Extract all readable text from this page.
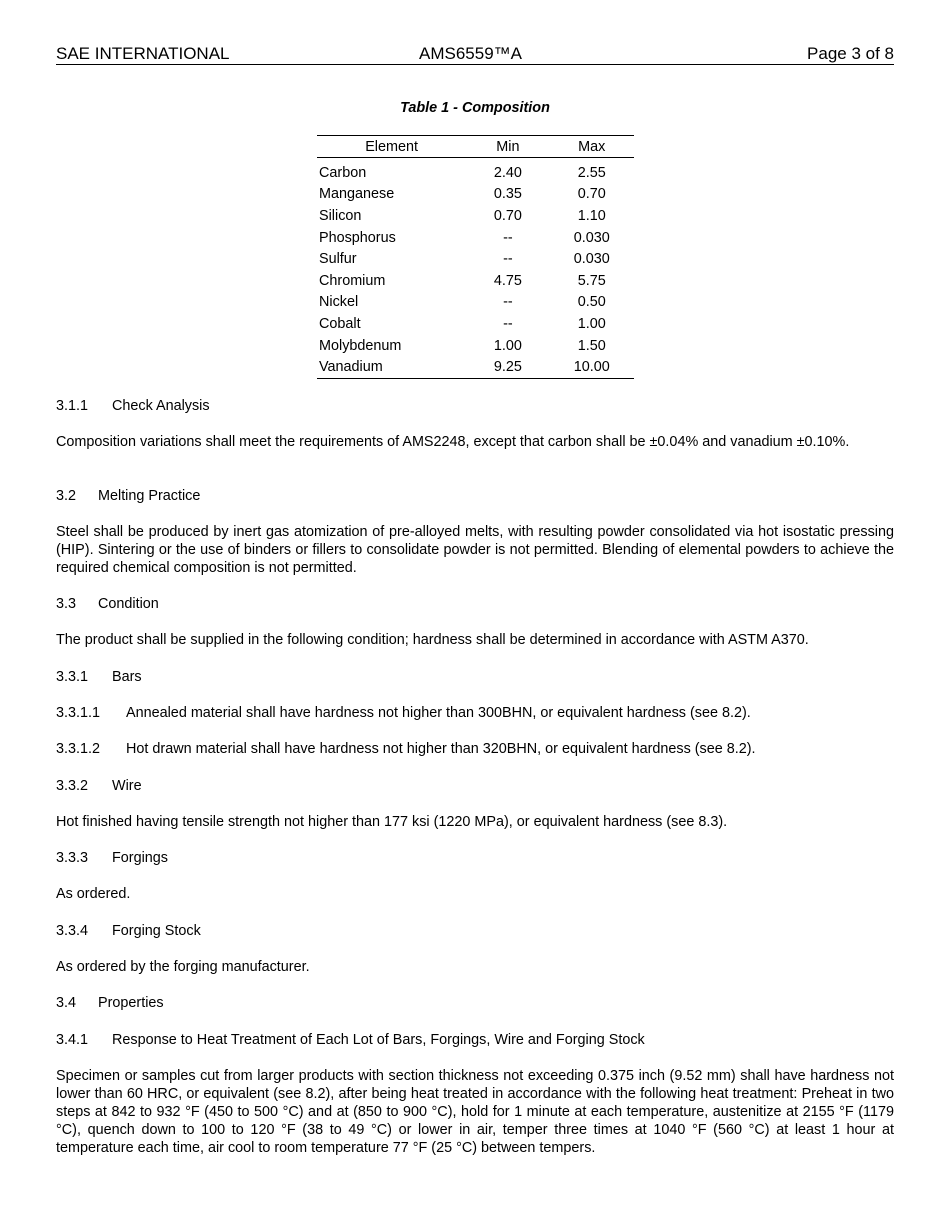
SAE INTERNATIONAL	AMS6559™A	Page 3 of 8
Table 1 - Composition
Element	Min	Max
Carbon	2.40	2.55
Manganese	0.35	0.70
Silicon	0.70	1.10
Phosphorus	--	0.030
Sulfur	--	0.030
Chromium	4.75	5.75
Nickel	--	0.50
Cobalt	--	1.00
Molybdenum	1.00	1.50
Vanadium	9.25	10.00
3.1.1 Check Analysis
Composition variations shall meet the requirements of AMS2248, except that carbon shall be ±0.04% and vanadium ±0.10%.
3.2 Melting Practice
Steel shall be produced by inert gas atomization of pre-alloyed melts, with resulting powder consolidated via hot isostatic pressing (HIP). Sintering or the use of binders or fillers to consolidate powder is not permitted. Blending of elemental powders to achieve the required chemical composition is not permitted.
3.3 Condition
The product shall be supplied in the following condition; hardness shall be determined in accordance with ASTM A370.
3.3.1 Bars
3.3.1.1 Annealed material shall have hardness not higher than 300BHN, or equivalent hardness (see 8.2).
3.3.1.2 Hot drawn material shall have hardness not higher than 320BHN, or equivalent hardness (see 8.2).
3.3.2 Wire
Hot finished having tensile strength not higher than 177 ksi (1220 MPa), or equivalent hardness (see 8.3).
3.3.3 Forgings
As ordered.
3.3.4 Forging Stock
As ordered by the forging manufacturer.
3.4 Properties
3.4.1 Response to Heat Treatment of Each Lot of Bars, Forgings, Wire and Forging Stock
Specimen or samples cut from larger products with section thickness not exceeding 0.375 inch (9.52 mm) shall have hardness not lower than 60 HRC, or equivalent (see 8.2), after being heat treated in accordance with the following heat treatment: Preheat in two steps at 842 to 932 °F (450 to 500 °C) and at (850 to 900 °C), hold for 1 minute at each temperature, austenitize at 2155 °F (1179 °C), quench down to 100 to 120 °F (38 to 49 °C) or lower in air, temper three times at 1040 °F (560 °C) at least 1 hour at temperature each time, air cool to room temperature 77 °F (25 °C) between tempers.
